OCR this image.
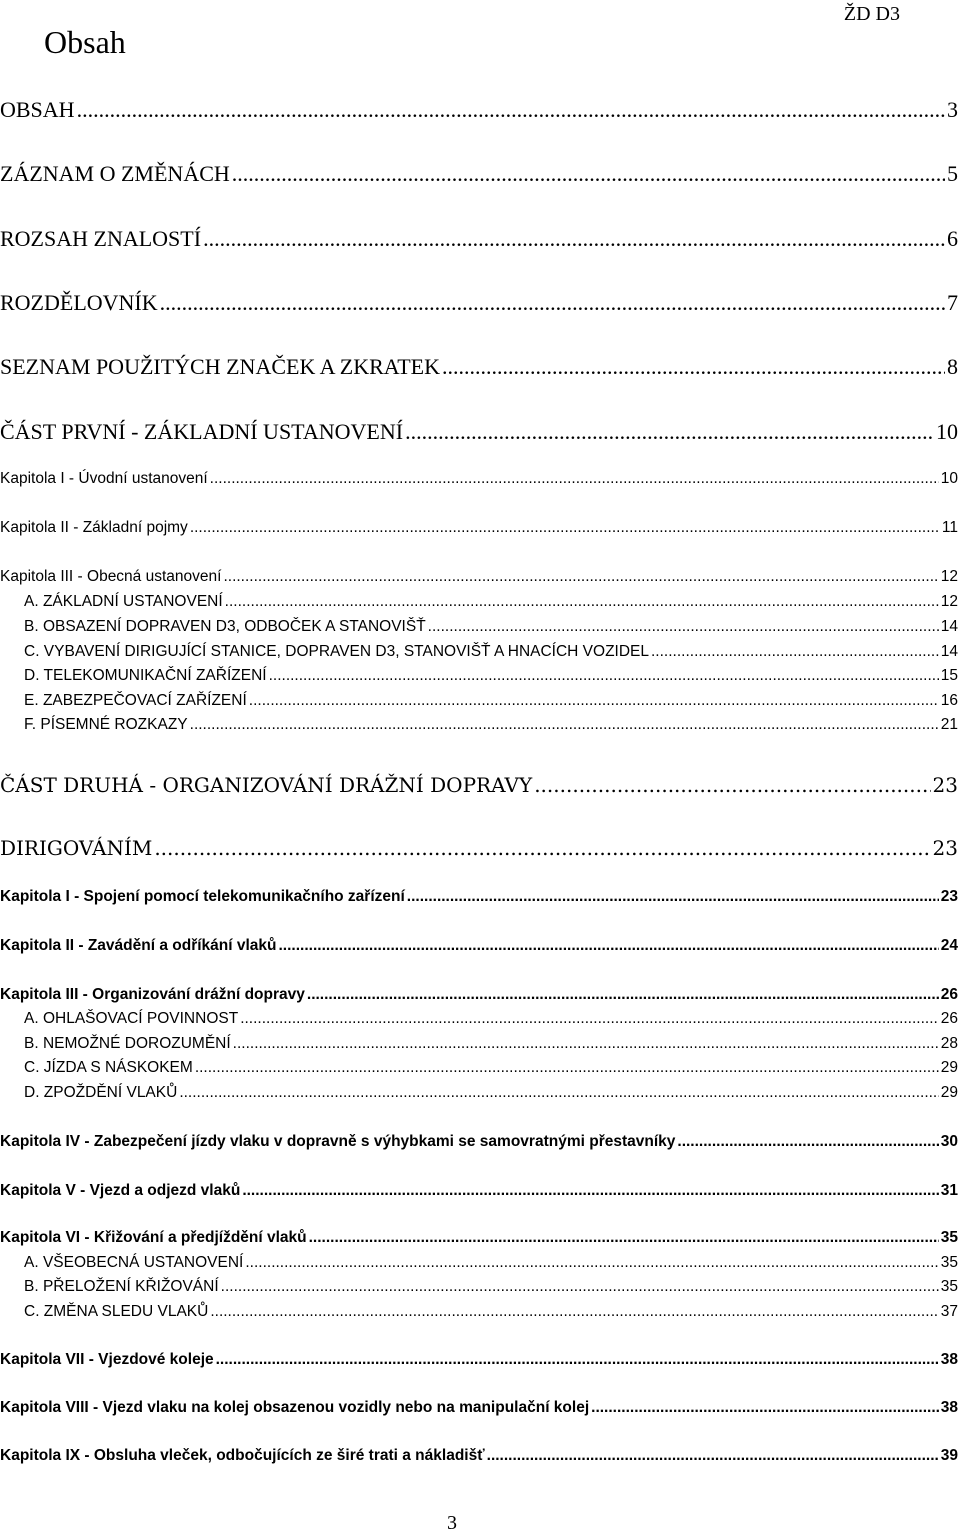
ŽD D3
Obsah
OBSAH .....	3
ZÁZNAM O ZMĚNÁCH .....	5
ROZSAH ZNALOSTÍ .....	6
ROZDĚLOVNÍK .....	7
SEZNAM POUŽITÝCH ZNAČEK A ZKRATEK .....	8
ČÁST PRVNÍ - ZÁKLADNÍ USTANOVENÍ .....	10
Kapitola I - Úvodní ustanovení .....	10
Kapitola II - Základní pojmy .....	11
Kapitola III - Obecná ustanovení .....	12
A. ZÁKLADNÍ USTANOVENÍ .....	12
B. OBSAZENÍ DOPRAVEN D3, ODBOČEK A STANOVIŠŤ .....	14
C. VYBAVENÍ DIRIGUJÍCÍ STANICE, DOPRAVEN D3, STANOVIŠŤ A HNACÍCH VOZIDEL .....	14
D. TELEKOMUNIKAČNÍ ZAŘÍZENÍ .....	15
E. ZABEZPEČOVACÍ ZAŘÍZENÍ .....	16
F. PÍSEMNÉ ROZKAZY .....	21
ČÁST DRUHÁ - ORGANIZOVÁNÍ DRÁŽNÍ DOPRAVY .....	23
DIRIGOVÁNÍM .....	23
Kapitola I - Spojení pomocí telekomunikačního zařízení .....	23
Kapitola II - Zavádění a odříkání vlaků .....	24
Kapitola III - Organizování drážní dopravy .....	26
A. OHLAŠOVACÍ POVINNOST .....	26
B. NEMOŽNÉ DOROZUMĚNÍ .....	28
C. JÍZDA S NÁSKOKEM .....	29
D. ZPOŽDĚNÍ VLAKŮ .....	29
Kapitola IV - Zabezpečení jízdy vlaku v dopravně s výhybkami se samovratnými přestavníky .....	30
Kapitola V - Vjezd a odjezd vlaků .....	31
Kapitola VI - Křižování a předjíždění vlaků .....	35
A. VŠEOBECNÁ USTANOVENÍ .....	35
B. PŘELOŽENÍ KŘIŽOVÁNÍ .....	35
C. ZMĚNA SLEDU VLAKŮ .....	37
Kapitola VII - Vjezdové koleje .....	38
Kapitola VIII - Vjezd vlaku na kolej obsazenou vozidly nebo na manipulační kolej .....	38
Kapitola IX - Obsluha vleček, odbočujících ze širé trati a nákladišť .....	39
3
